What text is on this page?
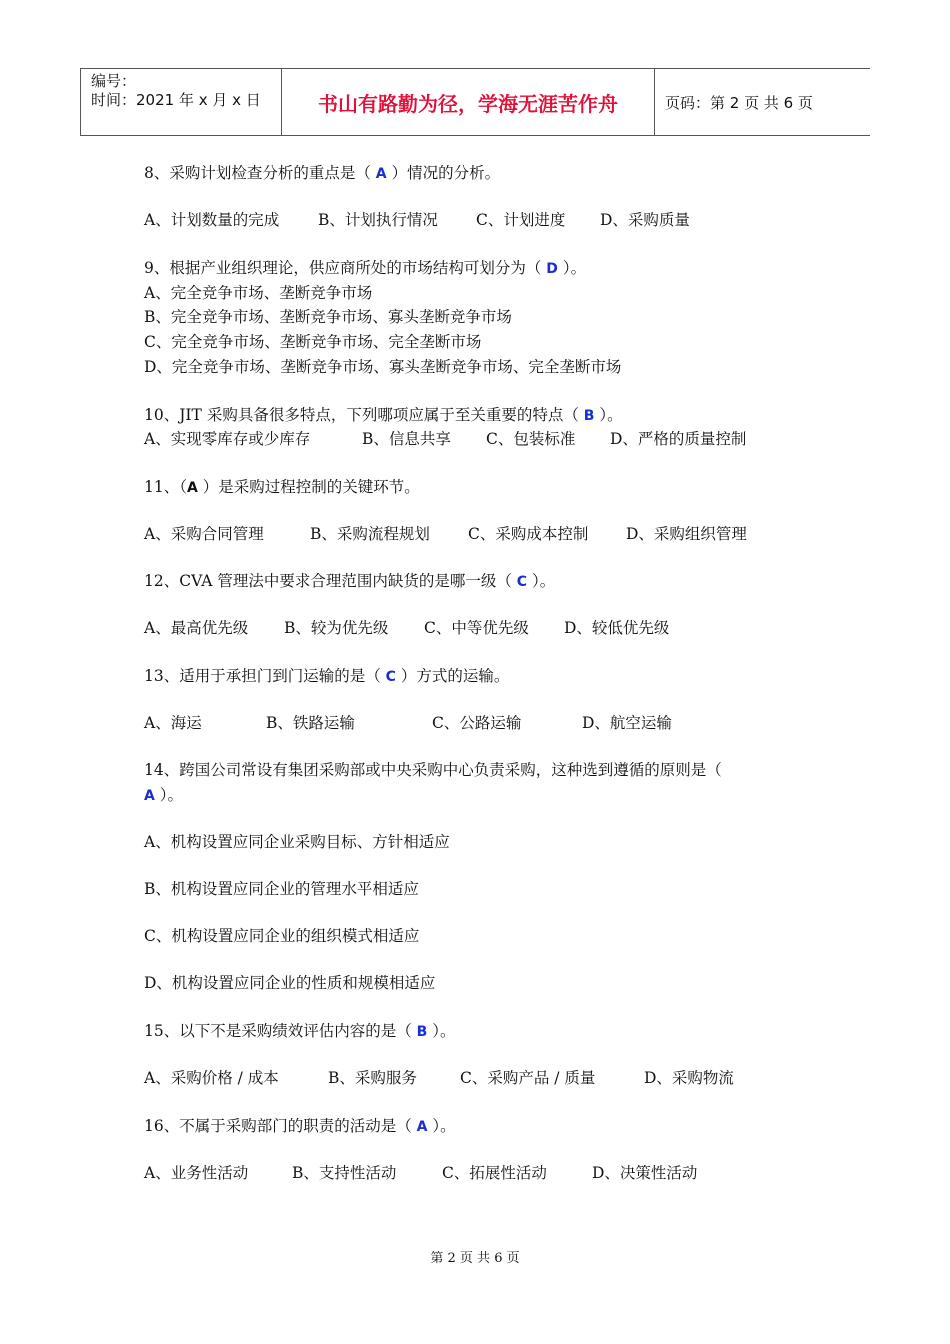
编号：
时间：2021 年 x 月 x 日	书山有路勤为径，学海无涯苦作舟	页码：第 2 页 共 6 页
8、采购计划检查分析的重点是（ A ）情况的分析。
A、计划数量的完成	B、计划执行情况 C、计划进度 D、采购质量
9、根据产业组织理论，供应商所处的市场结构可划分为（ D ）。
A、完全竞争市场、垄断竞争市场
B、完全竞争市场、垄断竞争市场、寡头垄断竞争市场
C、完全竞争市场、垄断竞争市场、完全垄断市场
D、完全竞争市场、垄断竞争市场、寡头垄断竞争市场、完全垄断市场
10、JIT 采购具备很多特点，下列哪项应属于至关重要的特点（ B ）。
A、实现零库存或少库存	B、信息共享 C、包装标准 D、严格的质量控制
11、（A ）是采购过程控制的关键环节。
A、采购合同管理	B、采购流程规划 C、采购成本控制 D、采购组织管理
12、CVA 管理法中要求合理范围内缺货的是哪一级（ C ）。
A、最高优先级 B、较为优先级 C、中等优先级 D、较低优先级
13、适用于承担门到门运输的是（ C ）方式的运输。
A、海运	B、铁路运输	C、公路运输	D、航空运输
14、跨国公司常设有集团采购部或中央采购中心负责采购，这种选到遵循的原则是（
A ）。
A、机构设置应同企业采购目标、方针相适应
B、机构设置应同企业的管理水平相适应
C、机构设置应同企业的组织模式相适应
D、机构设置应同企业的性质和规模相适应
15、以下不是采购绩效评估内容的是（ B ）。
A、采购价格 / 成本	B、采购服务	C、采购产品 / 质量	D、采购物流
16、不属于采购部门的职责的活动是（ A ）。
A、业务性活动	B、支持性活动	C、拓展性活动	D、决策性活动
第 2 页 共 6 页
